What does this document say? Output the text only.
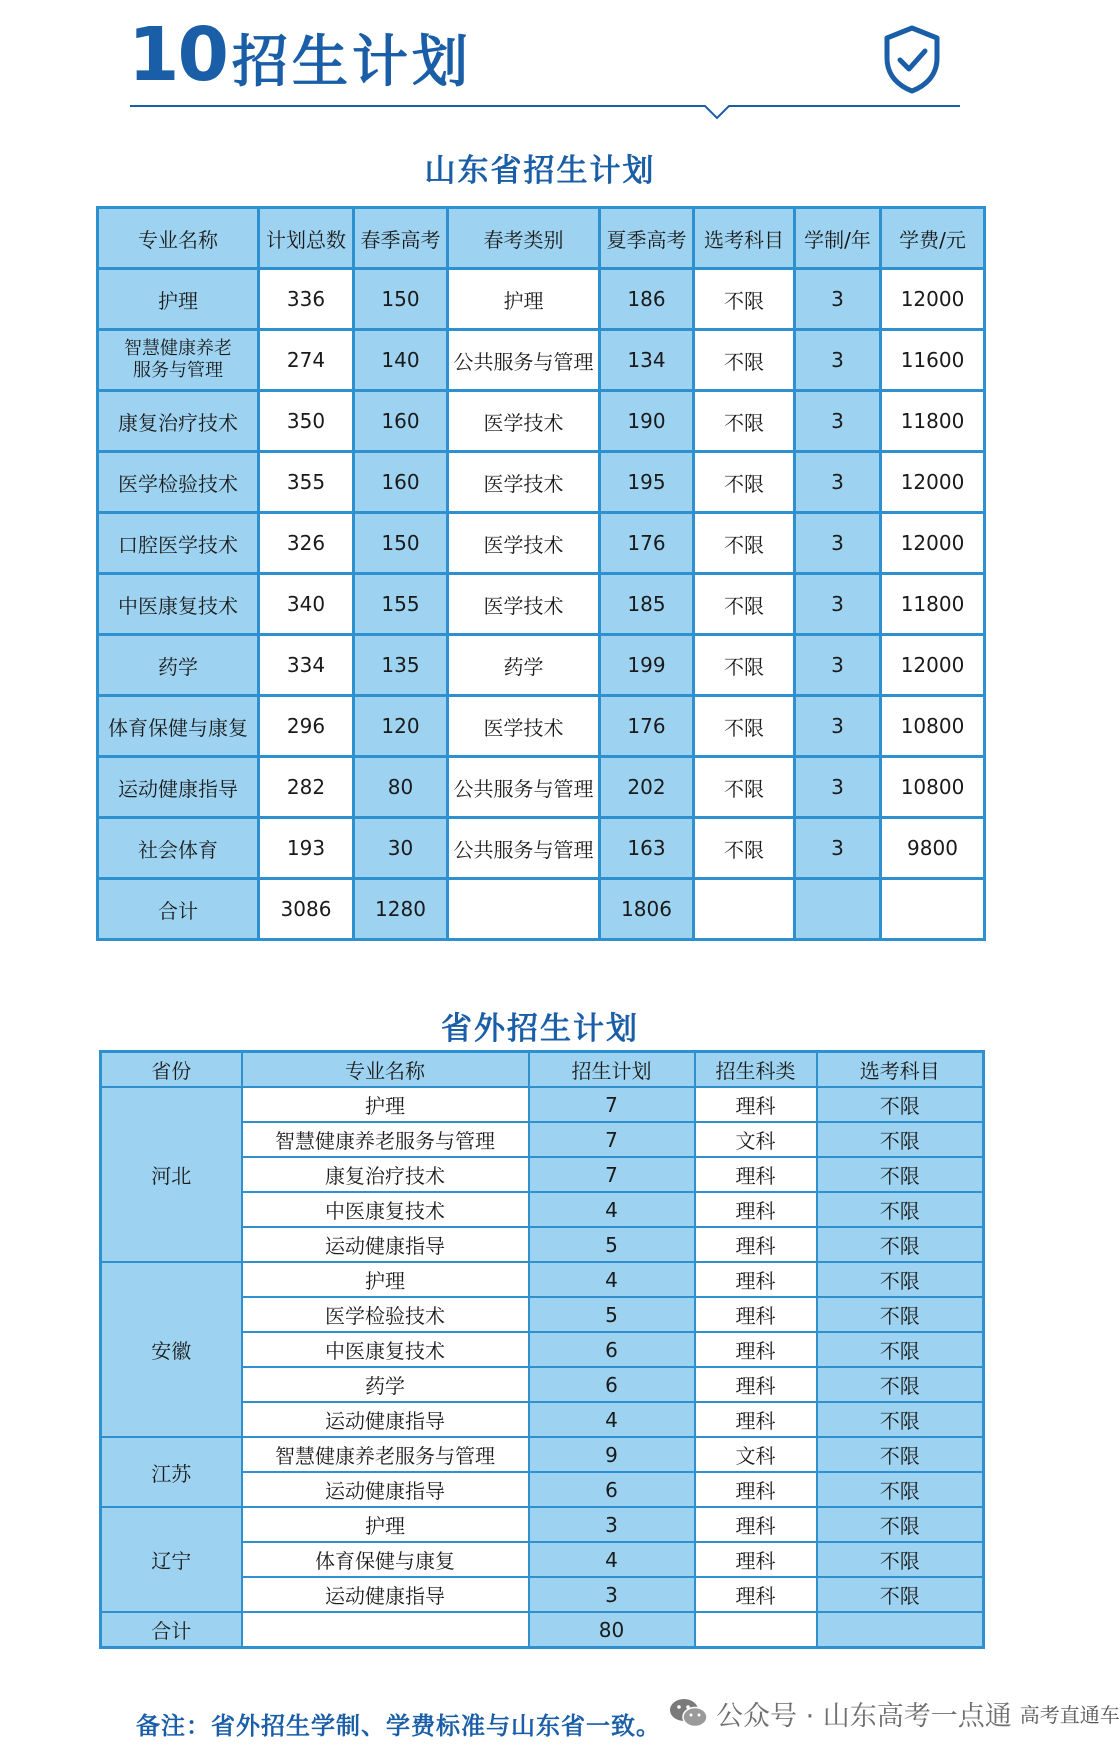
10 招生计划
山东省招生计划
专业名称	计划总数	春季高考	春考类别	夏季高考	选考科目	学制/年	学费/元
护理	336	150	护理	186	不限	3	12000
智慧健康养老
服务与管理	274	140	公共服务与管理	134	不限	3	11600
康复治疗技术	350	160	医学技术	190	不限	3	11800
医学检验技术	355	160	医学技术	195	不限	3	12000
口腔医学技术	326	150	医学技术	176	不限	3	12000
中医康复技术	340	155	医学技术	185	不限	3	11800
药学	334	135	药学	199	不限	3	12000
体育保健与康复	296	120	医学技术	176	不限	3	10800
运动健康指导	282	80	公共服务与管理	202	不限	3	10800
社会体育	193	30	公共服务与管理	163	不限	3	9800
合计	3086	1280		1806			
省外招生计划
省份	专业名称	招生计划	招生科类	选考科目
河北	护理	7	理科	不限
	智慧健康养老服务与管理	7	文科	不限
	康复治疗技术	7	理科	不限
	中医康复技术	4	理科	不限
	运动健康指导	5	理科	不限
安徽	护理	4	理科	不限
	医学检验技术	5	理科	不限
	中医康复技术	6	理科	不限
	药学	6	理科	不限
	运动健康指导	4	理科	不限
江苏	智慧健康养老服务与管理	9	文科	不限
	运动健康指导	6	理科	不限
辽宁	护理	3	理科	不限
	体育保健与康复	4	理科	不限
	运动健康指导	3	理科	不限
合计		80		
备注：省外招生学制、学费标准与山东省一致。 公众号 · 山东高考一点通 高考直通车
